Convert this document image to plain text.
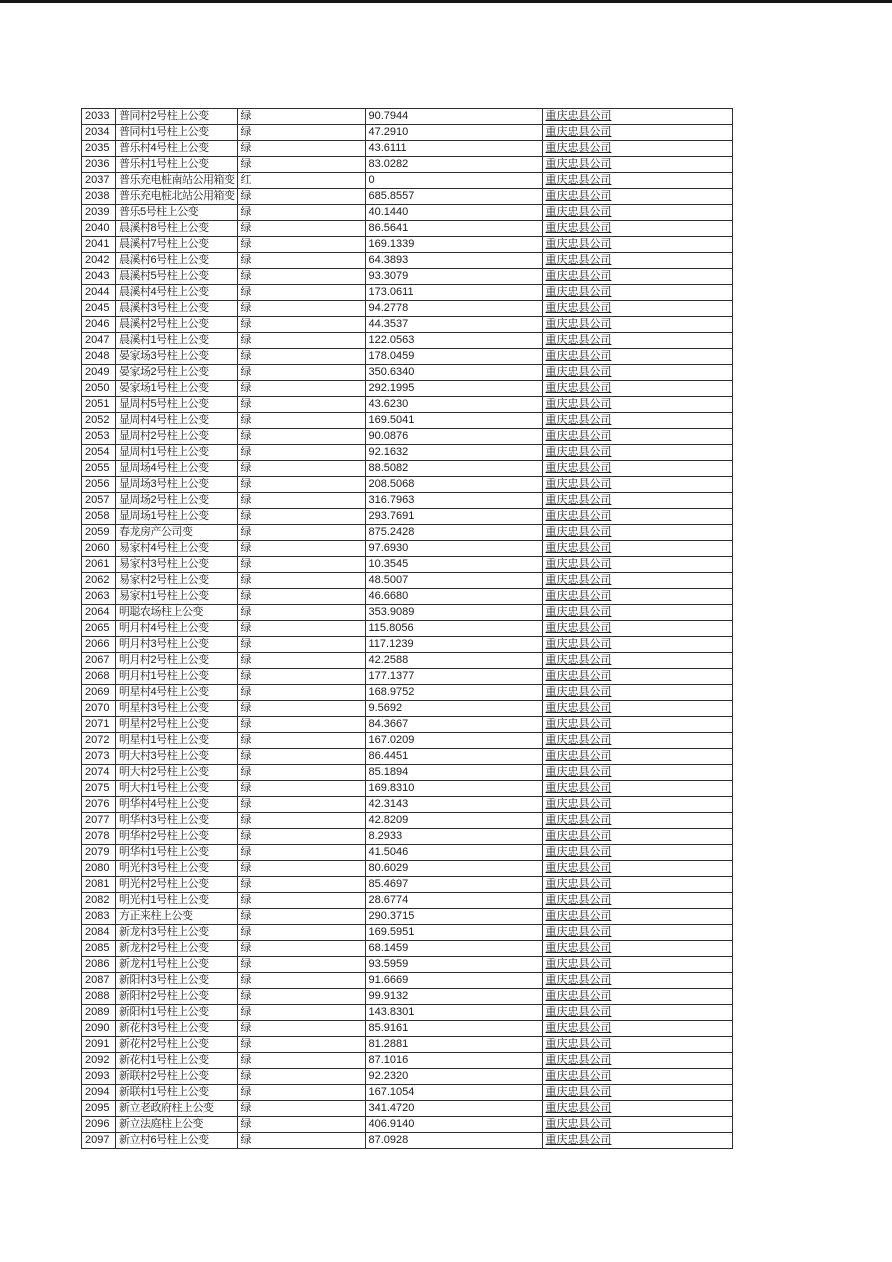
2033	普同村2号柱上公变	绿	90.7944	重庆忠县公司
2034	普同村1号柱上公变	绿	47.2910	重庆忠县公司
2035	普乐村4号柱上公变	绿	43.6111	重庆忠县公司
2036	普乐村1号柱上公变	绿	83.0282	重庆忠县公司
2037	普乐充电桩南站公用箱变	红	0	重庆忠县公司
2038	普乐充电桩北站公用箱变	绿	685.8557	重庆忠县公司
2039	普乐5号柱上公变	绿	40.1440	重庆忠县公司
2040	晨溪村8号柱上公变	绿	86.5641	重庆忠县公司
2041	晨溪村7号柱上公变	绿	169.1339	重庆忠县公司
2042	晨溪村6号柱上公变	绿	64.3893	重庆忠县公司
2043	晨溪村5号柱上公变	绿	93.3079	重庆忠县公司
2044	晨溪村4号柱上公变	绿	173.0611	重庆忠县公司
2045	晨溪村3号柱上公变	绿	94.2778	重庆忠县公司
2046	晨溪村2号柱上公变	绿	44.3537	重庆忠县公司
2047	晨溪村1号柱上公变	绿	122.0563	重庆忠县公司
2048	晏家场3号柱上公变	绿	178.0459	重庆忠县公司
2049	晏家场2号柱上公变	绿	350.6340	重庆忠县公司
2050	晏家场1号柱上公变	绿	292.1995	重庆忠县公司
2051	显周村5号柱上公变	绿	43.6230	重庆忠县公司
2052	显周村4号柱上公变	绿	169.5041	重庆忠县公司
2053	显周村2号柱上公变	绿	90.0876	重庆忠县公司
2054	显周村1号柱上公变	绿	92.1632	重庆忠县公司
2055	显周场4号柱上公变	绿	88.5082	重庆忠县公司
2056	显周场3号柱上公变	绿	208.5068	重庆忠县公司
2057	显周场2号柱上公变	绿	316.7963	重庆忠县公司
2058	显周场1号柱上公变	绿	293.7691	重庆忠县公司
2059	春龙房产公司变	绿	875.2428	重庆忠县公司
2060	易家村4号柱上公变	绿	97.6930	重庆忠县公司
2061	易家村3号柱上公变	绿	10.3545	重庆忠县公司
2062	易家村2号柱上公变	绿	48.5007	重庆忠县公司
2063	易家村1号柱上公变	绿	46.6680	重庆忠县公司
2064	明聪农场柱上公变	绿	353.9089	重庆忠县公司
2065	明月村4号柱上公变	绿	115.8056	重庆忠县公司
2066	明月村3号柱上公变	绿	117.1239	重庆忠县公司
2067	明月村2号柱上公变	绿	42.2588	重庆忠县公司
2068	明月村1号柱上公变	绿	177.1377	重庆忠县公司
2069	明星村4号柱上公变	绿	168.9752	重庆忠县公司
2070	明星村3号柱上公变	绿	9.5692	重庆忠县公司
2071	明星村2号柱上公变	绿	84.3667	重庆忠县公司
2072	明星村1号柱上公变	绿	167.0209	重庆忠县公司
2073	明大村3号柱上公变	绿	86.4451	重庆忠县公司
2074	明大村2号柱上公变	绿	85.1894	重庆忠县公司
2075	明大村1号柱上公变	绿	169.8310	重庆忠县公司
2076	明华村4号柱上公变	绿	42.3143	重庆忠县公司
2077	明华村3号柱上公变	绿	42.8209	重庆忠县公司
2078	明华村2号柱上公变	绿	8.2933	重庆忠县公司
2079	明华村1号柱上公变	绿	41.5046	重庆忠县公司
2080	明光村3号柱上公变	绿	80.6029	重庆忠县公司
2081	明光村2号柱上公变	绿	85.4697	重庆忠县公司
2082	明光村1号柱上公变	绿	28.6774	重庆忠县公司
2083	方正来柱上公变	绿	290.3715	重庆忠县公司
2084	新龙村3号柱上公变	绿	169.5951	重庆忠县公司
2085	新龙村2号柱上公变	绿	68.1459	重庆忠县公司
2086	新龙村1号柱上公变	绿	93.5959	重庆忠县公司
2087	新阳村3号柱上公变	绿	91.6669	重庆忠县公司
2088	新阳村2号柱上公变	绿	99.9132	重庆忠县公司
2089	新阳村1号柱上公变	绿	143.8301	重庆忠县公司
2090	新花村3号柱上公变	绿	85.9161	重庆忠县公司
2091	新花村2号柱上公变	绿	81.2881	重庆忠县公司
2092	新花村1号柱上公变	绿	87.1016	重庆忠县公司
2093	新联村2号柱上公变	绿	92.2320	重庆忠县公司
2094	新联村1号柱上公变	绿	167.1054	重庆忠县公司
2095	新立老政府柱上公变	绿	341.4720	重庆忠县公司
2096	新立法庭柱上公变	绿	406.9140	重庆忠县公司
2097	新立村6号柱上公变	绿	87.0928	重庆忠县公司
